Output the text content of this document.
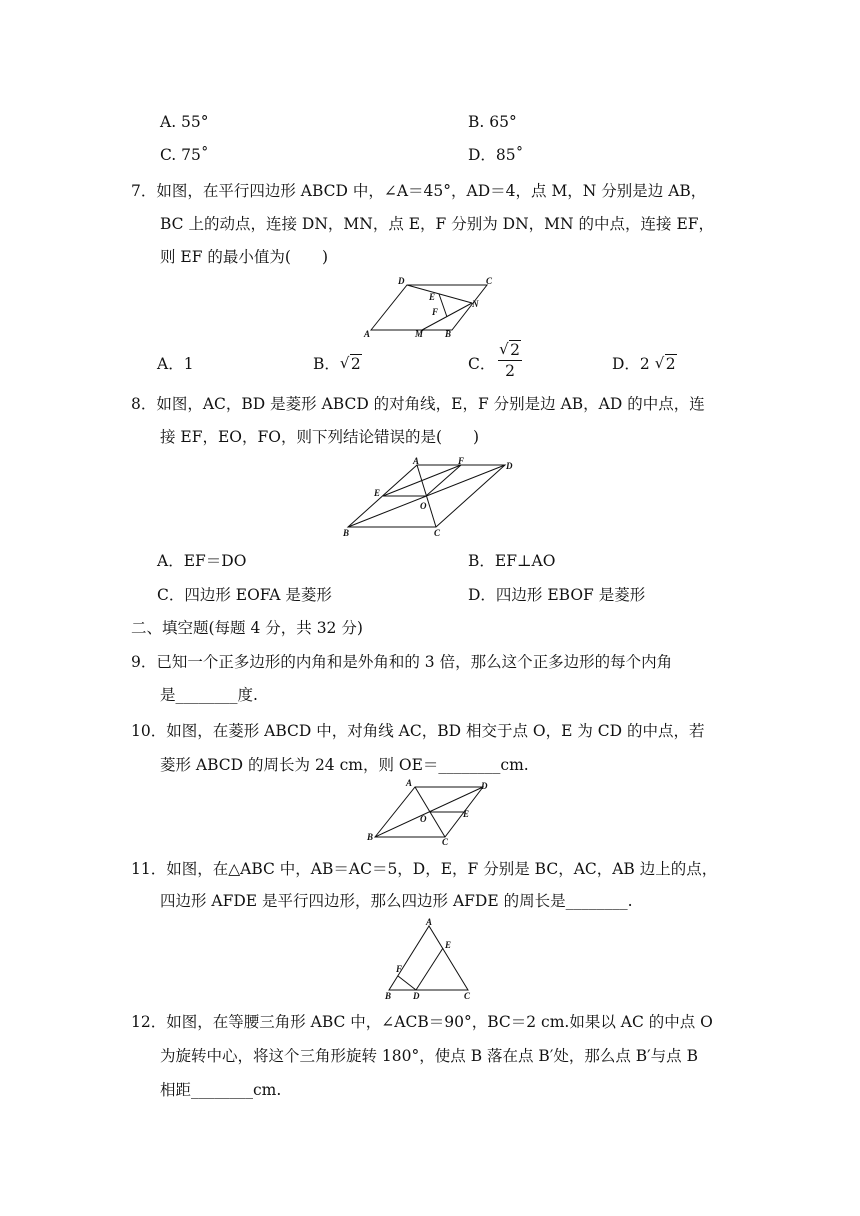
A. 55°	B. 65°
C. 75˚	D．85˚
7．如图，在平行四边形 ABCD 中，∠A＝45°，AD＝4，点 M，N 分别是边 AB，
BC 上的动点，连接 DN，MN，点 E，F 分别为 DN，MN 的中点，连接 EF，
则 EF 的最小值为(　　)
D	C
E
F
N
A	M B
A．1	B． √ 2	C．
√ 2
2	D．2 √ 2
8．如图，AC，BD 是菱形 ABCD 的对角线，E，F 分别是边 AB，AD 的中点，连
接 EF，EO，FO，则下列结论错误的是(　　)
A	F	D
E
O
B	C
A．EF＝DO	B．EF⊥AO
C．四边形 EOFA 是菱形	D．四边形 EBOF 是菱形
二、填空题(每题 4 分，共 32 分)
9．已知一个正多边形的内角和是外角和的 3 倍，那么这个正多边形的每个内角
是________度.
10．如图，在菱形 ABCD 中，对角线 AC，BD 相交于点 O，E 为 CD 的中点，若
菱形 ABCD 的周长为 24 cm，则 OE＝________cm.
A	D
O	E
B	C
11．如图，在△ABC 中，AB＝AC＝5，D，E，F 分别是 BC，AC，AB 边上的点，
四边形 AFDE 是平行四边形，那么四边形 AFDE 的周长是________.
A
E
F
B D	C
12．如图，在等腰三角形 ABC 中，∠ACB＝90°，BC＝2 cm.如果以 AC 的中点 O
为旋转中心，将这个三角形旋转 180°，使点 B 落在点 B′处，那么点 B′与点 B
相距________cm.
